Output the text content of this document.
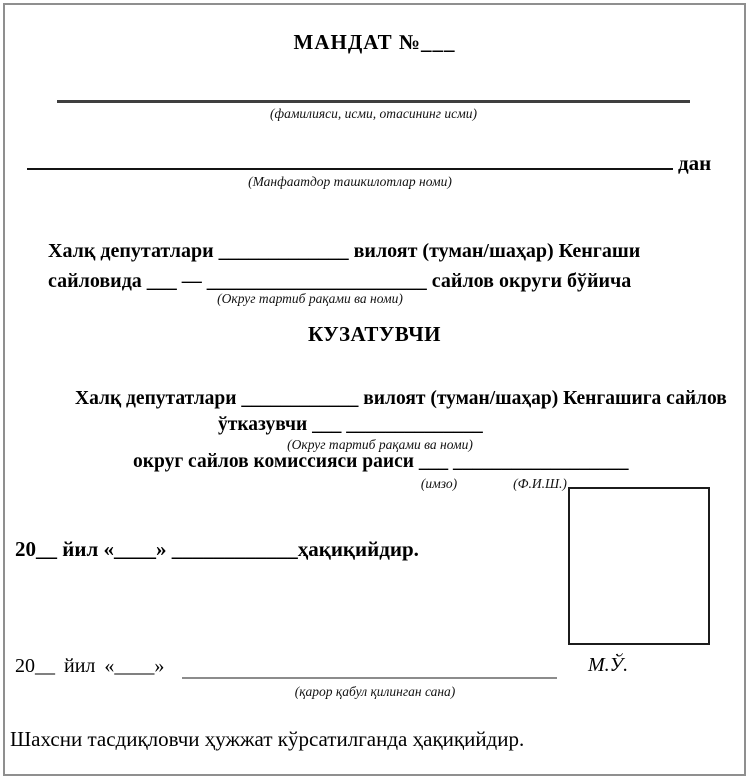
МАНДАТ №___
(фамилияси, исми, отасининг исми)
дан
(Манфаатдор ташкилотлар номи)
Халқ депутатлари _____________ вилоят (туман/шаҳар) Кенгаши
сайловида ___ — ______________________ сайлов округи бўйича
(Округ тартиб рақами ва номи)
КУЗАТУВЧИ
Халқ депутатлари ____________ вилоят (туман/шаҳар) Кенгашига сайлов
ўтказувчи ___ ______________
(Округ тартиб рақами ва номи)
округ сайлов комиссияси раиси ___ __________________
(имзо)	(Ф.И.Ш.)
20__ йил «____» ____________ҳақиқийдир.
20__ йил «____»
(қарор қабул қилинган сана)
М.Ў.
Шахсни тасдиқловчи ҳужжат кўрсатилганда ҳақиқийдир.
